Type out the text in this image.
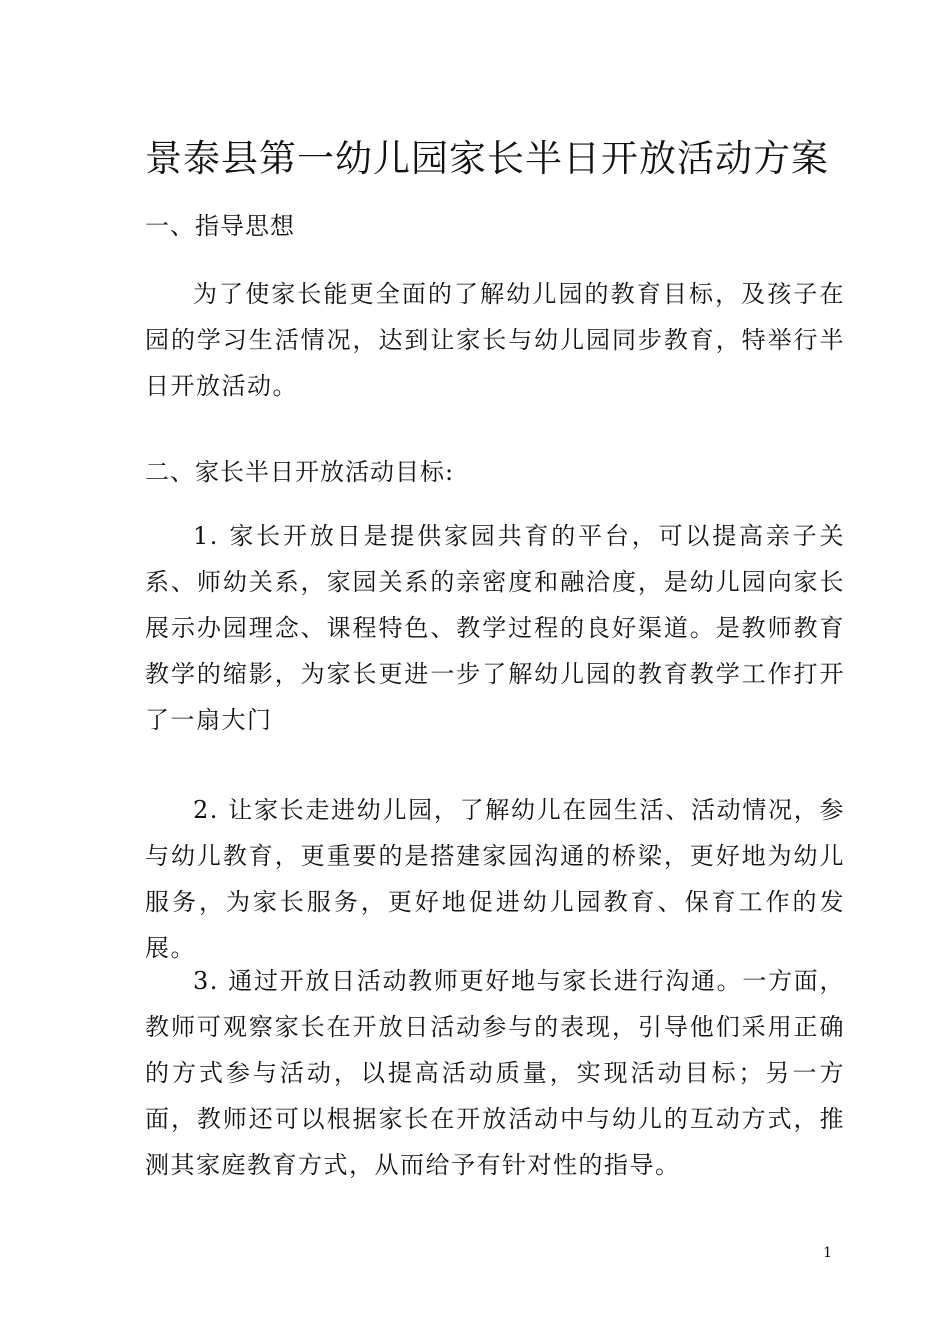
景泰县第一幼儿园家长半日开放活动方案
一、指导思想

为了使家长能更全面的了解幼儿园的教育目标，及孩子在园的学习生活情况，达到让家长与幼儿园同步教育，特举行半日开放活动。

二、家长半日开放活动目标:

1. 家长开放日是提供家园共育的平台，可以提高亲子关系、师幼关系，家园关系的亲密度和融洽度，是幼儿园向家长展示办园理念、课程特色、教学过程的良好渠道。是教师教育教学的缩影，为家长更进一步了解幼儿园的教育教学工作打开了一扇大门

2. 让家长走进幼儿园，了解幼儿在园生活、活动情况，参与幼儿教育，更重要的是搭建家园沟通的桥梁，更好地为幼儿服务，为家长服务，更好地促进幼儿园教育、保育工作的发展。

3. 通过开放日活动教师更好地与家长进行沟通。一方面，教师可观察家长在开放日活动参与的表现，引导他们采用正确的方式参与活动，以提高活动质量，实现活动目标；另一方面，教师还可以根据家长在开放活动中与幼儿的互动方式，推测其家庭教育方式，从而给予有针对性的指导。

1
